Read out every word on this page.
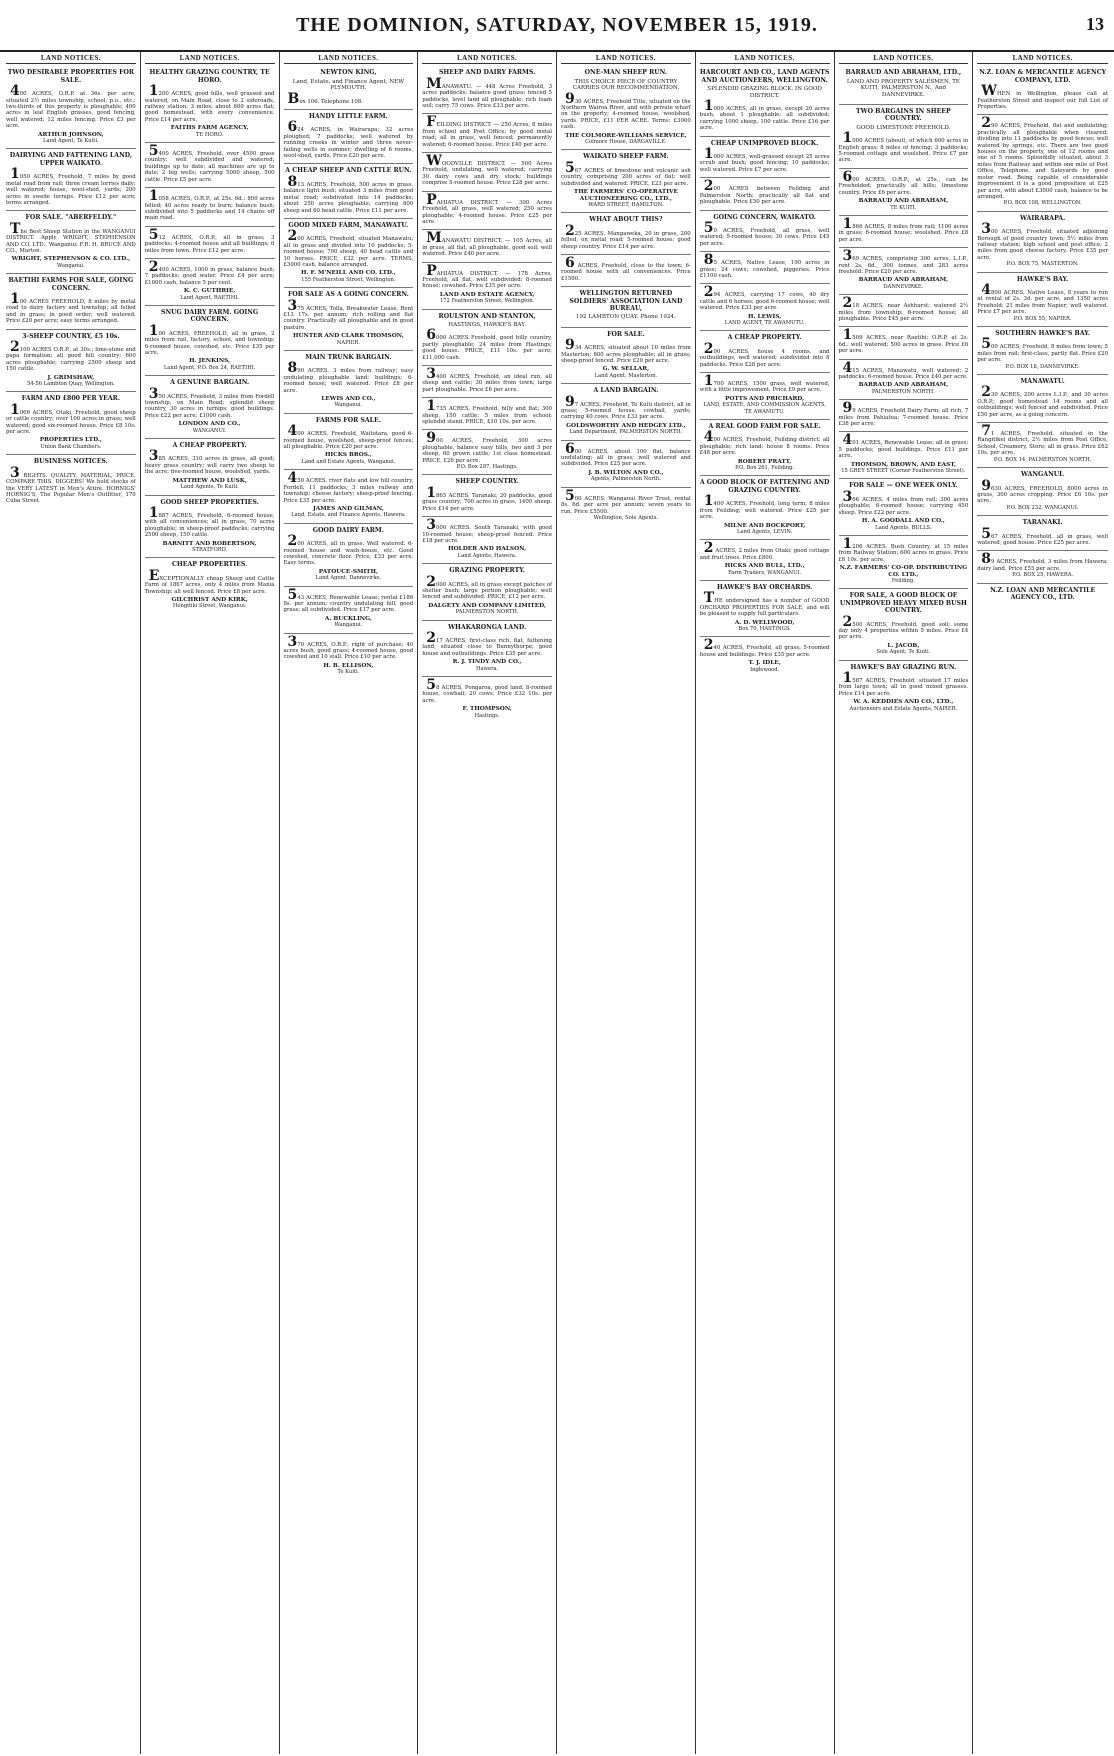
THE DOMINION, SATURDAY, NOVEMBER 15, 1919.	13
LAND NOTICES.
TWO DESIRABLE PROPERTIES FOR SALE.
400 ACRES, O.R.P. at 36s. per acre, situated 2½ miles township, school, p.o., etc.; two-thirds of this property is ploughable; 400 acres in leaf English grasses, good fencing, well watered; 12 miles fencing. Price £3 per acre.
ARTHUR JOHNSON,
Land Agent, Te Kuiti.
DAIRYING AND FATTENING LAND, UPPER WAIKATO.
1050 ACRES, Freehold, 7 miles by good metal road from rail; three cream lorries daily; well watered; house, wool-shed, yards; 200 acres in swede turnips. Price £12 per acre; terms arranged.
FOR SALE. "ABERFELDY."
The Best Sheep Station in the WANGANUI DISTRICT. Apply WRIGHT, STEPHENSON AND CO. LTD., Wanganui; F.R. H. BRUCE AND CO., Marton.
WRIGHT, STEPHENSON & CO. LTD.,
Wanganui.
BAETIHI FARMS FOR SALE, GOING CONCERN.
100 ACRES FREEHOLD, 8 miles by metal road to dairy factory and township; all felled and in grass; in good order; well watered. Price £20 per acre; easy terms arranged.
3-SHEEP COUNTRY, £5 10s.
2100 ACRES O.R.P., at 30s.; lime-stone and papa formation; all good hill country; 600 acres ploughable; carrying 2500 sheep and 150 cattle.
J. GRIMSHAW,
54-56 Lambton Quay, Wellington.
FARM AND £800 PER YEAR.
1066 ACRES, Otaki, Freehold, good sheep or cattle country; over 100 acres in grass; well watered; good six-roomed house. Price £8 10s. per acre.
PROPERTIES LTD.,
Union Bank Chambers.
BUSINESS NOTICES.
3 RIGHTS. QUALITY, MATERIAL, PRICE. COMPARE THIS. DIGGERS! We hold stocks of the VERY LATEST in Men's Attire. HORNIGS' HORNIG'S, The Popular Men's Outfitter, 170 Cuba Street.
LAND NOTICES.
HEALTHY GRAZING COUNTRY, TE HORO.
1200 ACRES, good hills, well grassed and watered, on Main Road, close to 2 sideroads, railway station; 3 miles; about 600 acres flat; good homestead, with every convenience. Price £14 per acre.
FAITHS FARM AGENCY,
TE HORO.
5400 ACRES, Freehold, over 4500 grass country; well subdivided and watered; buildings up to date; all machines are up to date; 2 big wells; carrying 5000 sheep, 500 cattle. Price £5 per acre.
1058 ACRES, O.R.P., at 25s. 6d.; 800 acres felled; 40 acres ready to burn; balance bush; subdivided into 5 paddocks and 14 chains off main road.
512 ACRES, O.R.P., all in grass; 3 paddocks; 4-roomed house and all buildings; 6 miles from town. Price £12 per acre.
2400 ACRES, 1000 in grass, balance bush; 7 paddocks; good water. Price £4 per acre; £1000 cash, balance 5 per cent.
K. C. GUTHRIE,
Land Agent, RAETIHI.
SNUG DAIRY FARM. GOING CONCERN.
100 ACRES, FREEHOLD, all in grass, 2 miles from rail, factory, school, and township; 6-roomed house, cowshed, etc. Price £35 per acre.
H. JENKINS,
Land Agent, P.O. Box 24, RAETIHI.
A GENUINE BARGAIN.
350 ACRES, Freehold, 3 miles from Fordell township, on Main Road; splendid sheep country, 30 acres in turnips; good buildings. Price £22 per acre; £1000 cash.
LONDON AND CO.,
WANGANUI.
A CHEAP PROPERTY.
385 ACRES, 310 acres in grass, all good; heavy grass country; will carry two sheep to the acre; five-roomed house, woolshed, yards.
MATTHEW AND LUSK,
Land Agents, Te Kuiti.
GOOD SHEEP PROPERTIES.
1887 ACRES, Freehold, 6-roomed house, with all conveniences; all in grass, 70 acres ploughable; in sheep-proof paddocks; carrying 2500 sheep, 150 cattle.
BARNITT AND ROBERTSON,
STRATFORD.
CHEAP PROPERTIES.
EXCEPTIONALLY cheap Sheep and Cattle Farm of 1867 acres, only 4 miles from Mania Township; all well fenced. Price £8 per acre.
GILCHRIST AND KIRK,
Hongitiki Street, Wanganui.
LAND NOTICES.
NEWTON KING,
Land, Estate, and Finance Agent, NEW PLYMOUTH.
Box 106. Telephone 108.
HANDY LITTLE FARM.
624 ACRES, in Wairarapa; 32 acres ploughed; 7 paddocks; well watered by running creeks in winter and three never-failing wells in summer; dwelling of 6 rooms, wool-shed, yards. Price £20 per acre.
A CHEAP SHEEP AND CATTLE RUN.
813 ACRES, Freehold, 500 acres in grass, balance light bush; situated 3 miles from good metal road; subdivided into 14 paddocks; about 250 acres ploughable; carrying 800 sheep and 60 head cattle. Price £11 per acre.
GOOD MIXED FARM, MANAWATU.
200 ACRES, Freehold, situated Manawatu; all in grass and divided into 10 paddocks; 5-roomed house; 700 sheep, 40 head cattle and 10 horses. PRICE, £32 per acre. TERMS, £3000 cash, balance arranged.
H. F. M'NEILL AND CO. LTD.,
155 Featherston Street, Wellington.
FOR SALE AS A GOING CONCERN.
375 ACRES, Tolla, Breakwater Lease, Rent £13 17s. per annum; rich rolling and flat country. Practically all ploughable and in good pasture.
HUNTER AND CLARK THOMSON,
NAPIER.
MAIN TRUNK BARGAIN.
890 ACRES, 3 miles from railway; easy undulating ploughable land; buildings; 6-roomed house; well watered. Price £8 per acre.
LEWIS AND CO.,
Wanganui.
FARMS FOR SALE.
400 ACRES, Freehold, Waitotara, good 6-roomed house, woolshed, sheep-proof fences; all ploughable. Price £20 per acre.
HICKS BROS.,
Land and Estate Agents, Wanganui.
450 ACRES, river flats and low hill country, Fordell; 11 paddocks; 3 miles railway and township; cheese factory; sheep-proof fencing. Price £35 per acre.
JAMES AND GILMAN,
Land, Estate, and Finance Agents, Hawera.
GOOD DAIRY FARM.
200 ACRES, all in grass. Well watered. 6-roomed house and wash-house, etc. Good cowshed, concrete floor. Price, £33 per acre. Easy terms.
PATOUCE-SMITH,
Land Agent, Dannevirke.
543 ACRES, Renewable Lease; rental £186 8s. per annum; country undulating hill, good grass; all subdivided. Price £17 per acre.
A. BUCKLING,
Wanganui.
370 ACRES, O.R.P., right of purchase; 40 acres bush, good grass; 4-roomed house, good cowshed and 10 stall. Price £10 per acre.
H. B. ELLISON,
Te Kuiti.
LAND NOTICES.
SHEEP AND DAIRY FARMS.
MANAWATU. — 448 Acres Freehold, 3 acres paddocks; balance good grass; fenced 5 paddocks, level land all ploughable; rich loam soil; carry 75 cows. Price £33 per acre.
FEILDING DISTRICT. — 250 Acres, 8 miles from school and Post Office; by good metal road; all in grass, well fenced; permanently watered; 6-roomed house. Price £40 per acre.
WOODVILLE DISTRICT. — 500 Acres Freehold, undulating, well watered; carrying 30 dairy cows and dry stock; buildings comprise 5-roomed house. Price £28 per acre.
PAHIATUA DISTRICT. — 300 Acres Freehold, all grass, well watered; 250 acres ploughable; 4-roomed house. Price £25 per acre.
MANAWATU DISTRICT. — 105 Acres, all in grass, all flat, all ploughable, good soil; well watered. Price £40 per acre.
PAHIATUA DISTRICT. — 178 Acres, Freehold, all flat, well subdivided; 8-roomed house; cowshed. Price £35 per acre.
LAND AND ESTATE AGENCY,
172 Featherston Street, Wellington.
ROULSTON AND STANTON,
HASTINGS, HAWKE'S BAY.
6000 ACRES Freehold, good hilly country, partly ploughable; 24 miles from Hastings; good house. PRICE, £11 10s. per acre; £11,000 cash.
3400 ACRES, Freehold, an ideal run, all sheep and cattle; 30 miles from town; large part ploughable. Price £6 per acre.
1735 ACRES, Freehold, hilly and flat; 300 sheep, 150 cattle; 5 miles from school; splendid stand. PRICE, £10 10s. per acre.
900 ACRES, Freehold, 300 acres ploughable, balance easy hills, two and 3 per sheep, 60 grown cattle; 1st class homestead. PRICE, £26 per acre.
P.O. Box 287, Hastings.
SHEEP COUNTRY.
1865 ACRES, Taranaki, 20 paddocks, good grass country; 700 acres in grass, 1400 sheep. Price £14 per acre.
3000 ACRES, South Taranaki, with good 10-roomed house; sheep-proof fenced. Price £18 per acre.
HOLDER AND HALSON,
Land Agents, Hawera.
GRAZING PROPERTY.
2000 ACRES, all in grass except patches of shelter bush; large portion ploughable; well fenced and subdivided. PRICE, £12 per acre.
DALGETY AND COMPANY LIMITED,
PALMERSTON NORTH.
WHAKARONGA LAND.
217 ACRES, first-class rich, flat, fattening land, situated close to Bunnythorpe; good house and outbuildings. Price £35 per acre.
R. J. TINDY AND CO.,
Hawera.
58 ACRES, Pongaroa, good land; 8-roomed house, cowbail; 20 cows. Price £32 10s. per acre.
F. THOMPSON,
Hastings.
LAND NOTICES.
ONE-MAN SHEEP RUN.
THIS CHOICE PIECE OF COUNTRY CARRIES OUR RECOMMENDATION.
930 ACRES, Freehold Title, situated on the Northern Wairoa River, and with private wharf on the property; 4-roomed house, woolshed, yards. PRICE, £11 PER ACRE. Terms: £3000 cash.
THE COLMORE-WILLIAMS SERVICE,
Colmore House, DARGAVILLE.
WAIKATO SHEEP FARM.
567 ACRES of limestone and volcanic ash country, comprising 200 acres of flat; well subdivided and watered. PRICE, £23 per acre.
THE FARMERS' CO-OPERATIVE AUCTIONEERING CO., LTD.,
WARD STREET, HAMILTON.
WHAT ABOUT THIS?
225 ACRES, Mangaweka, 20 in grass, 200 felled, on metal road; 5-roomed house; good sheep country. Price £14 per acre.
6 ACRES, Freehold, close to the town; 6-roomed house with all conveniences. Price £1500.
WELLINGTON RETURNED SOLDIERS' ASSOCIATION LAND BUREAU,
192 LAMBTON QUAY. Phone 1924.
FOR SALE.
934 ACRES, situated about 10 miles from Masterton; 800 acres ploughable; all in grass; sheep-proof fenced. Price £20 per acre.
G. W. SELLAR,
Land Agent, Masterton.
A LAND BARGAIN.
97 ACRES, Freehold, Te Kuiti district, all in grass; 5-roomed house, cowbail, yards; carrying 40 cows. Price £33 per acre.
GOLDSWORTHY AND HEDGEY LTD.,
Land Department, PALMERSTON NORTH.
600 ACRES, about 100 flat, balance undulating; all in grass; well watered and subdivided. Price £25 per acre.
J. B. WILTON AND CO.,
Agents, Palmerston North.
500 ACRES, Wanganui River Trust, rental 8s. 6d. per acre per annum; seven years to run. Price £5500.
Wellington, Sole Agents.
LAND NOTICES.
HARCOURT AND CO., LAND AGENTS AND AUCTIONEERS, WELLINGTON.
SPLENDID GRAZING BLOCK, IN GOOD DISTRICT.
1000 ACRES, all in grass, except 20 acres bush, about 1 ploughable; all subdivided; carrying 1000 sheep, 100 cattle. Price £16 per acre.
CHEAP UNIMPROVED BLOCK.
1000 ACRES, well-grassed except 25 acres scrub and bush; good fencing; 10 paddocks; well watered. Price £7 per acre.
200 ACRES between Feilding and Palmerston North; practically all flat and ploughable. Price £50 per acre.
GOING CONCERN, WAIKATO.
50 ACRES, Freehold, all grass, well watered; 5-roomed house; 30 cows. Price £45 per acre.
85 ACRES, Native Lease, 190 acres in grass; 24 cows; cowshed, piggeries. Price £1100 cash.
294 ACRES, carrying 17 cows, 40 dry cattle and 6 horses; good 6-roomed house; well watered. Price £33 per acre.
H. LEWIS,
LAND AGENT, TE AWAMUTU.
A CHEAP PROPERTY.
200 ACRES, house 4 rooms, and outbuildings, well watered; subdivided into 8 paddocks. Price £28 per acre.
1700 ACRES, 1500 grass, well watered, with a little improvement. Price £9 per acre.
POTTS AND PRICHARD,
LAND, ESTATE, AND COMMISSION AGENTS, TE AWAMUTU.
A REAL GOOD FARM FOR SALE.
400 ACRES, Freehold, Feilding district; all ploughable; rich land; house 8 rooms. Price £48 per acre.
ROBERT PRATT,
P.O. Box 261, Feilding.
A GOOD BLOCK OF FATTENING AND GRAZING COUNTRY.
1400 ACRES, Freehold, long term; 8 miles from Feilding; well watered. Price £25 per acre.
MILNE AND BOCKPORT,
Land Agents, LEVIN.
2 ACRES, 2 miles from Otaki; good cottage and fruit trees. Price £800.
HICKS AND BULL, LTD.,
Farm Traders, WANGANUI.
HAWKE'S BAY ORCHARDS.
THE undersigned has a number of GOOD ORCHARD PROPERTIES FOR SALE, and will be pleased to supply full particulars.
A. D. WELLWOOD,
Box 70, HASTINGS.
240 ACRES, Freehold, all grass; 5-roomed house and buildings. Price £35 per acre.
T. J. IDLE,
Inglewood.
LAND NOTICES.
BARRAUD AND ABRAHAM, LTD.,
LAND AND PROPERTY SALESMEN, TE KUITI, PALMERSTON N., And DANNEVIRKE.
TWO BARGAINS IN SHEEP COUNTRY.
GOOD LIMESTONE FREEHOLD.
1000 ACRES (about), of which 600 acres in English grass; 8 miles of fencing; 3 paddocks; 5-roomed cottage and woolshed. Price £7 per acre.
600 ACRES, O.R.P., at 25s., can be Freeholded; practically all hills; limestone country. Price £6 per acre.
BARRAUD AND ABRAHAM,
TE KUITI.
1866 ACRES, 8 miles from rail; 1100 acres in grass; 6-roomed house; woolshed. Price £8 per acre.
369 ACRES, comprising 300 acres, L.I.P., rent 2s. 6d., 300 tonnes, and 283 acres freehold. Price £20 per acre.
BARRAUD AND ABRAHAM,
DANNEVIRKE.
218 ACRES, near Ashhurst; watered 2½ miles from township; 6-roomed house; all ploughable. Price £45 per acre.
1509 ACRES, near Raetihi; O.R.P. at 2s. 6d.; well watered; 500 acres in grass. Price £6 per acre.
415 ACRES, Manawatu, well watered; 2 paddocks; 6-roomed house. Price £40 per acre.
BARRAUD AND ABRAHAM,
PALMERSTON NORTH.
99 ACRES, Freehold Dairy Farm; all rich, 7 miles from Pahiatua; 7-roomed house. Price £38 per acre.
401 ACRES, Renewable Lease; all in grass; 5 paddocks; good buildings. Price £11 per acre.
THOMSON, BROWN, AND EAST,
15 GREY STREET (Corner Featherston Street).
FOR SALE — ONE WEEK ONLY.
366 ACRES, 4 miles from rail; 300 acres ploughable; 6-roomed house; carrying 450 sheep. Price £22 per acre.
H. A. GOODALL AND CO.,
Land Agents, BULLS.
1206 ACRES, Bush Country, at 15 miles from Railway Station; 600 acres in grass. Price £6 10s. per acre.
N.Z. FARMERS' CO-OP. DISTRIBUTING CO. LTD.,
Feilding.
FOR SALE, A GOOD BLOCK OF UNIMPROVED HEAVY MIXED BUSH COUNTRY.
2500 ACRES, Freehold, good soil; some day only 4 properties within 5 miles. Price £4 per acre.
L. JACOB,
Sole Agent, Te Kuiti.
HAWKE'S BAY GRAZING RUN.
1587 ACRES, Freehold, situated 17 miles from large town; all in good mixed grasses. Price £14 per acre.
W. A. KEDDIES AND CO., LTD.,
Auctioneers and Estate Agents, NAPIER.
LAND NOTICES.
N.Z. LOAN & MERCANTILE AGENCY COMPANY, LTD.
WHEN in Wellington, please call at Featherston Street and inspect our full List of Properties.
290 ACRES, Freehold, flat and undulating; practically all ploughable when cleared; dividing into 11 paddocks by good fences; well watered by springs, etc. There are two good houses on the property, one of 12 rooms and one of 5 rooms. Splendidly situated, about 3 miles from Railway and within one mile of Post Office, Telephone, and Saleyards by good motor road. Being capable of considerable improvement it is a good proposition at £25 per acre, with about £3000 cash, balance to be arranged.
P.O. BOX 108, WELLINGTON.
WAIRARAPA.
300 ACRES, Freehold, situated adjoining Borough of good country town; 5½ miles from railway station; high school and post office; 2 miles from good cheese factory. Price £35 per acre.
P.O. BOX 75, MASTERTON.
HAWKE'S BAY.
4800 ACRES, Native Lease, 8 years to run at rental of 2s. 3d. per acre, and 1350 acres Freehold; 21 miles from Napier; well watered. Price £7 per acre.
P.O. BOX 55, NAPIER.
SOUTHERN HAWKE'S BAY.
500 ACRES, Freehold, 8 miles from town; 5 miles from rail; first-class, partly flat. Price £20 per acre.
P.O. BOX 18, DANNEVIRKE.
MANAWATU.
230 ACRES, 200 acres L.I.P., and 30 acres O.R.P.; good homestead 14 rooms and all outbuildings; well fenced and subdivided. Price £50 per acre, as a going concern.
71 ACRES, Freehold, situated in the Rangitikei district, 2½ miles from Post Office, School, Creamery, Store; all in grass. Price £62 10s. per acre.
P.O. BOX 14, PALMERSTON NORTH.
WANGANUI.
9630 ACRES, FREEHOLD, 8000 acres in grass, 300 acres cropping. Price £6 10s. per acre.
P.O. BOX 232, WANGANUI.
TARANAKI.
567 ACRES, Freehold, all in grass, well watered, good house. Price £25 per acre.
89 ACRES, Freehold, 3 miles from Hawera; dairy land. Price £55 per acre.
P.O. BOX 25, HAWERA.
N.Z. LOAN AND MERCANTILE AGENCY CO., LTD.
